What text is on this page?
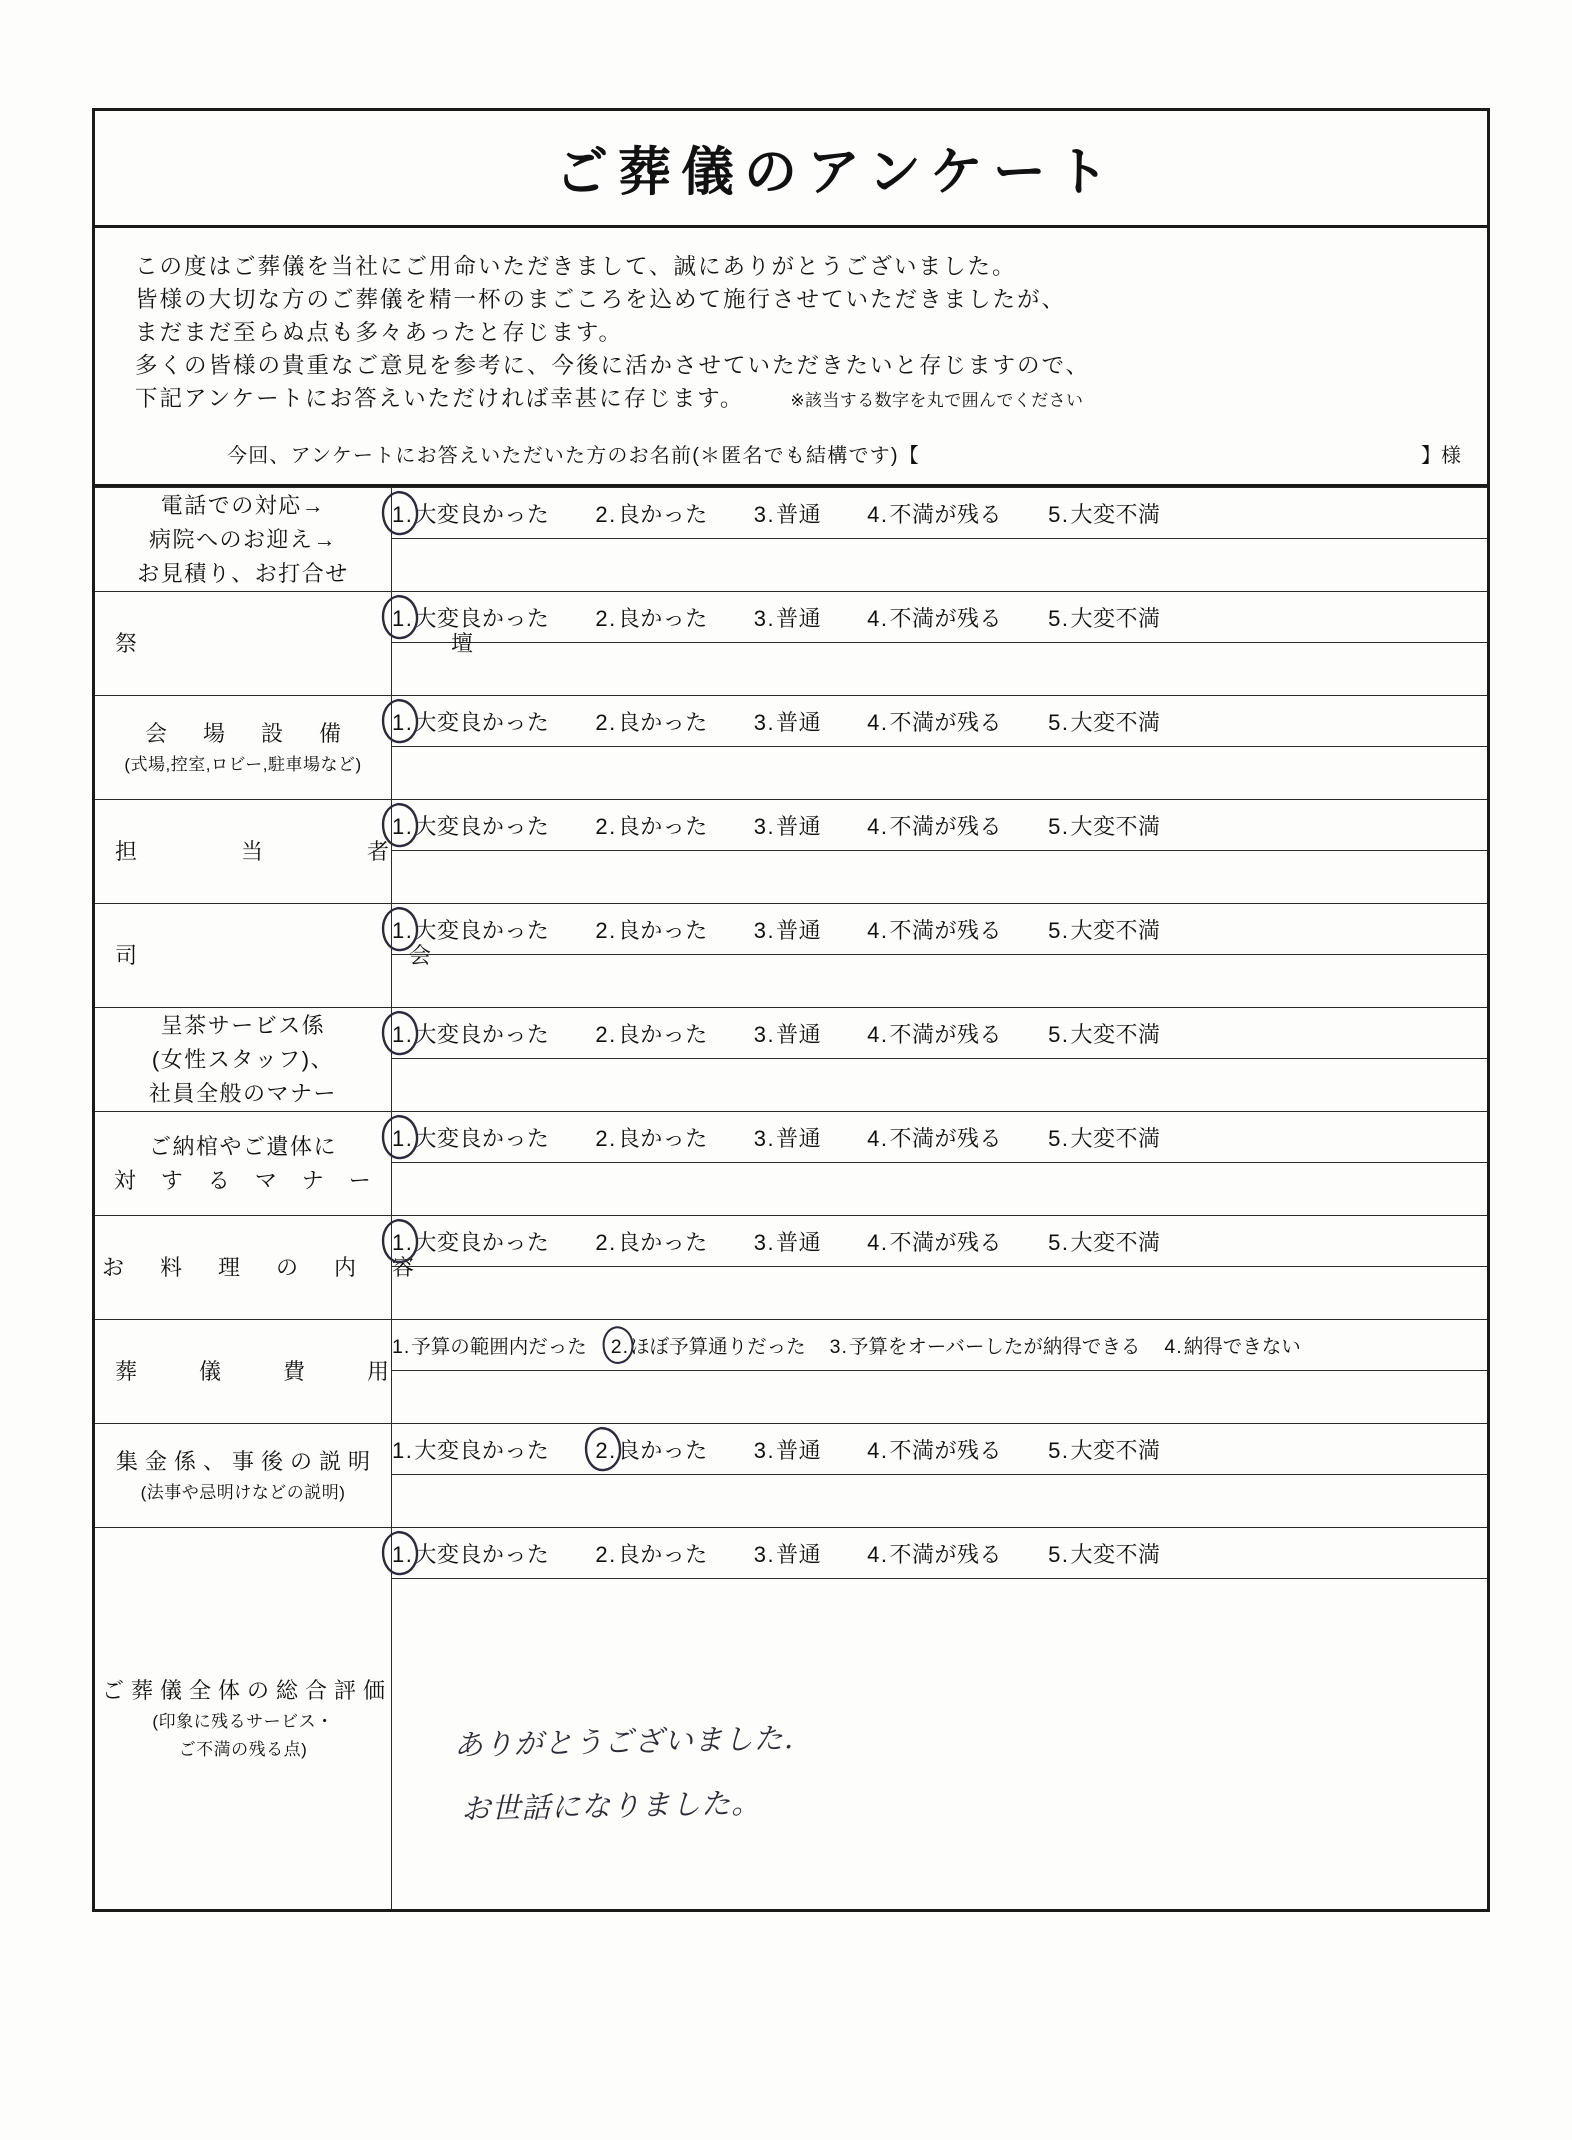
ご葬儀のアンケート
この度はご葬儀を当社にご用命いただきまして、誠にありがとうございました。
皆様の大切な方のご葬儀を精一杯のまごころを込めて施行させていただきましたが、
まだまだ至らぬ点も多々あったと存じます。
多くの皆様の貴重なご意見を参考に、今後に活かさせていただきたいと存じますので、
下記アンケートにお答えいただければ幸甚に存じます。	※該当する数字を丸で囲んでください
今回、アンケートにお答えいただいた方のお名前(＊匿名でも結構です)【	】様
電話での対応→
病院へのお迎え→
お見積り、お打合せ

1 . 大変良かった 2 . 良かった 3 . 普通 4 . 不満が残る 5 . 大変不満

祭　　　　　　　壇

1 . 大変良かった 2 . 良かった 3 . 普通 4 . 不満が残る 5 . 大変不満

会　場　設　備
(式場,控室,ロビー,駐車場など)

1 . 大変良かった 2 . 良かった 3 . 普通 4 . 不満が残る 5 . 大変不満

担　　当　　者

1 . 大変良かった 2 . 良かった 3 . 普通 4 . 不満が残る 5 . 大変不満

司　　　　　　会

1 . 大変良かった 2 . 良かった 3 . 普通 4 . 不満が残る 5 . 大変不満

呈茶サービス係
(女性スタッフ)、
社員全般のマナー

1 . 大変良かった 2 . 良かった 3 . 普通 4 . 不満が残る 5 . 大変不満

ご納棺やご遺体に
対　す　る　マ　ナ　ー

1 . 大変良かった 2 . 良かった 3 . 普通 4 . 不満が残る 5 . 大変不満

お　料　理　の　内　容

1 . 大変良かった 2 . 良かった 3 . 普通 4 . 不満が残る 5 . 大変不満

葬　儀　費　用

1 . 予算の範囲内だった 2 . ほぼ予算通りだった 3 . 予算をオーバーしたが納得できる 4 . 納得できない

集金係、事後の説明
(法事や忌明けなどの説明)

1 . 大変良かった 2 . 良かった 3 . 普通 4 . 不満が残る 5 . 大変不満

ご葬儀全体の総合評価
(印象に残るサービス・
ご不満の残る点)

1 . 大変良かった 2 . 良かった 3 . 普通 4 . 不満が残る 5 . 大変不満

	ありがとうございました.
お世話になりました。
